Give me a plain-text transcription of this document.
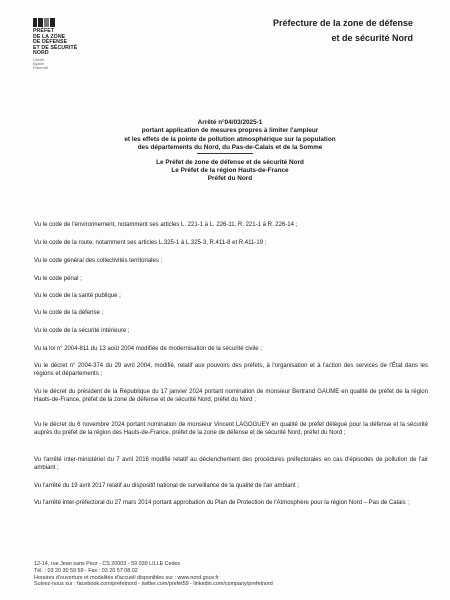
PRÉFET
DE LA ZONE
DE DÉFENSE
ET DE SÉCURITÉ
NORD
Liberté
Égalité
Fraternité
Préfecture de la zone de défense
et de sécurité Nord
Arrêté n°04/03/2025-1
portant application de mesures propres à limiter l'ampleur
et les effets de la pointe de pollution atmosphérique sur la population
des départements du Nord, du Pas-de-Calais et de la Somme
Le Préfet de zone de défense et de sécurité Nord
Le Préfet de la région Hauts-de-France
Préfet du Nord
Vu le code de l'environnement, notamment ses articles L. 221-1 à L. 226-11, R. 221-1 à R. 226-14 ;
Vu le code de la route, notamment ses articles L.325-1 à L.325-3, R.411-8 et R.411-19 ;
Vu le code général des collectivités territoriales ;
Vu le code pénal ;
Vu le code de la santé publique ;
Vu le code de la défense ;
Vu le code de la sécurité intérieure ;
Vu la loi n° 2004-811 du 13 août 2004 modifiée de modernisation de la sécurité civile ;
Vu le décret n° 2004-374 du 29 avril 2004, modifié, relatif aux pouvoirs des préfets, à l'organisation et à l'action des services de l'État dans les régions et départements ;
Vu le décret du président de la République du 17 janvier 2024 portant nomination de monsieur Bertrand GAUME en qualité de préfet de la région Hauts-de-France, préfet de la zone de défense et de sécurité Nord, préfet du Nord ;
Vu le décret du 6 novembre 2024 portant nomination de monsieur Vincent LAGOGUEY en qualité de préfet délégué pour la défense et la sécurité auprès du préfet de la région des Hauts-de-France, préfet de la zone de défense et de sécurité Nord, préfet du Nord ;
Vu l'arrêté inter-ministériel du 7 avril 2016 modifié relatif au déclenchement des procédures préfectorales en cas d'épisodes de pollution de l'air ambiant ;
Vu l'arrêté du 19 avril 2017 relatif au dispositif national de surveillance de la qualité de l'air ambiant ;
Vu l'arrêté inter-préfectoral du 27 mars 2014 portant approbation du Plan de Protection de l'Atmosphère pour la région Nord – Pas de Calais ;
12-14, rue Jean sans Peur - CS 20003 - 59 039 LILLE Cedex
Tél. : 03 20 30 59 59 - Fax : 03 20 57 08 02
Horaires d'ouverture et modalités d'accueil disponibles sur : www.nord.gouv.fr
Suivez-nous sur : facebook.com/prefetnord - twitter.com/prefet59 - linkedin.com/company/prefetnord
